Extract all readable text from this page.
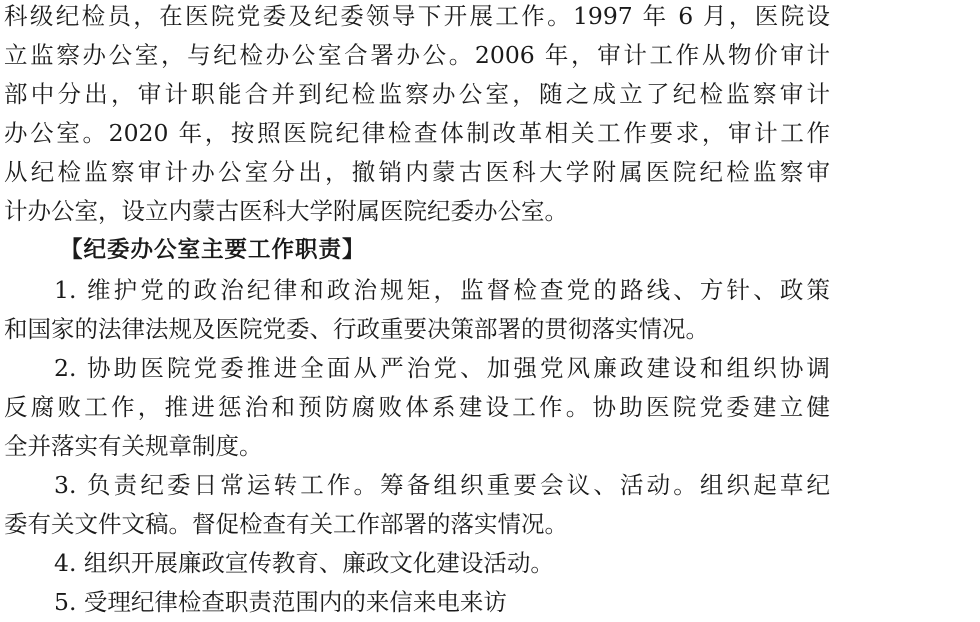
科级纪检员，在医院党委及纪委领导下开展工作。1997 年 6 月，医院设
立监察办公室，与纪检办公室合署办公。2006 年，审计工作从物价审计
部中分出，审计职能合并到纪检监察办公室，随之成立了纪检监察审计
办公室。2020 年，按照医院纪律检查体制改革相关工作要求，审计工作
从纪检监察审计办公室分出，撤销内蒙古医科大学附属医院纪检监察审
计办公室，设立内蒙古医科大学附属医院纪委办公室。
【纪委办公室主要工作职责】
1. 维护党的政治纪律和政治规矩，监督检查党的路线、方针、政策
和国家的法律法规及医院党委、行政重要决策部署的贯彻落实情况。
2. 协助医院党委推进全面从严治党、加强党风廉政建设和组织协调
反腐败工作，推进惩治和预防腐败体系建设工作。协助医院党委建立健
全并落实有关规章制度。
3. 负责纪委日常运转工作。筹备组织重要会议、活动。组织起草纪
委有关文件文稿。督促检查有关工作部署的落实情况。
4. 组织开展廉政宣传教育、廉政文化建设活动。
5. 受理纪律检查职责范围内的来信来电来访
